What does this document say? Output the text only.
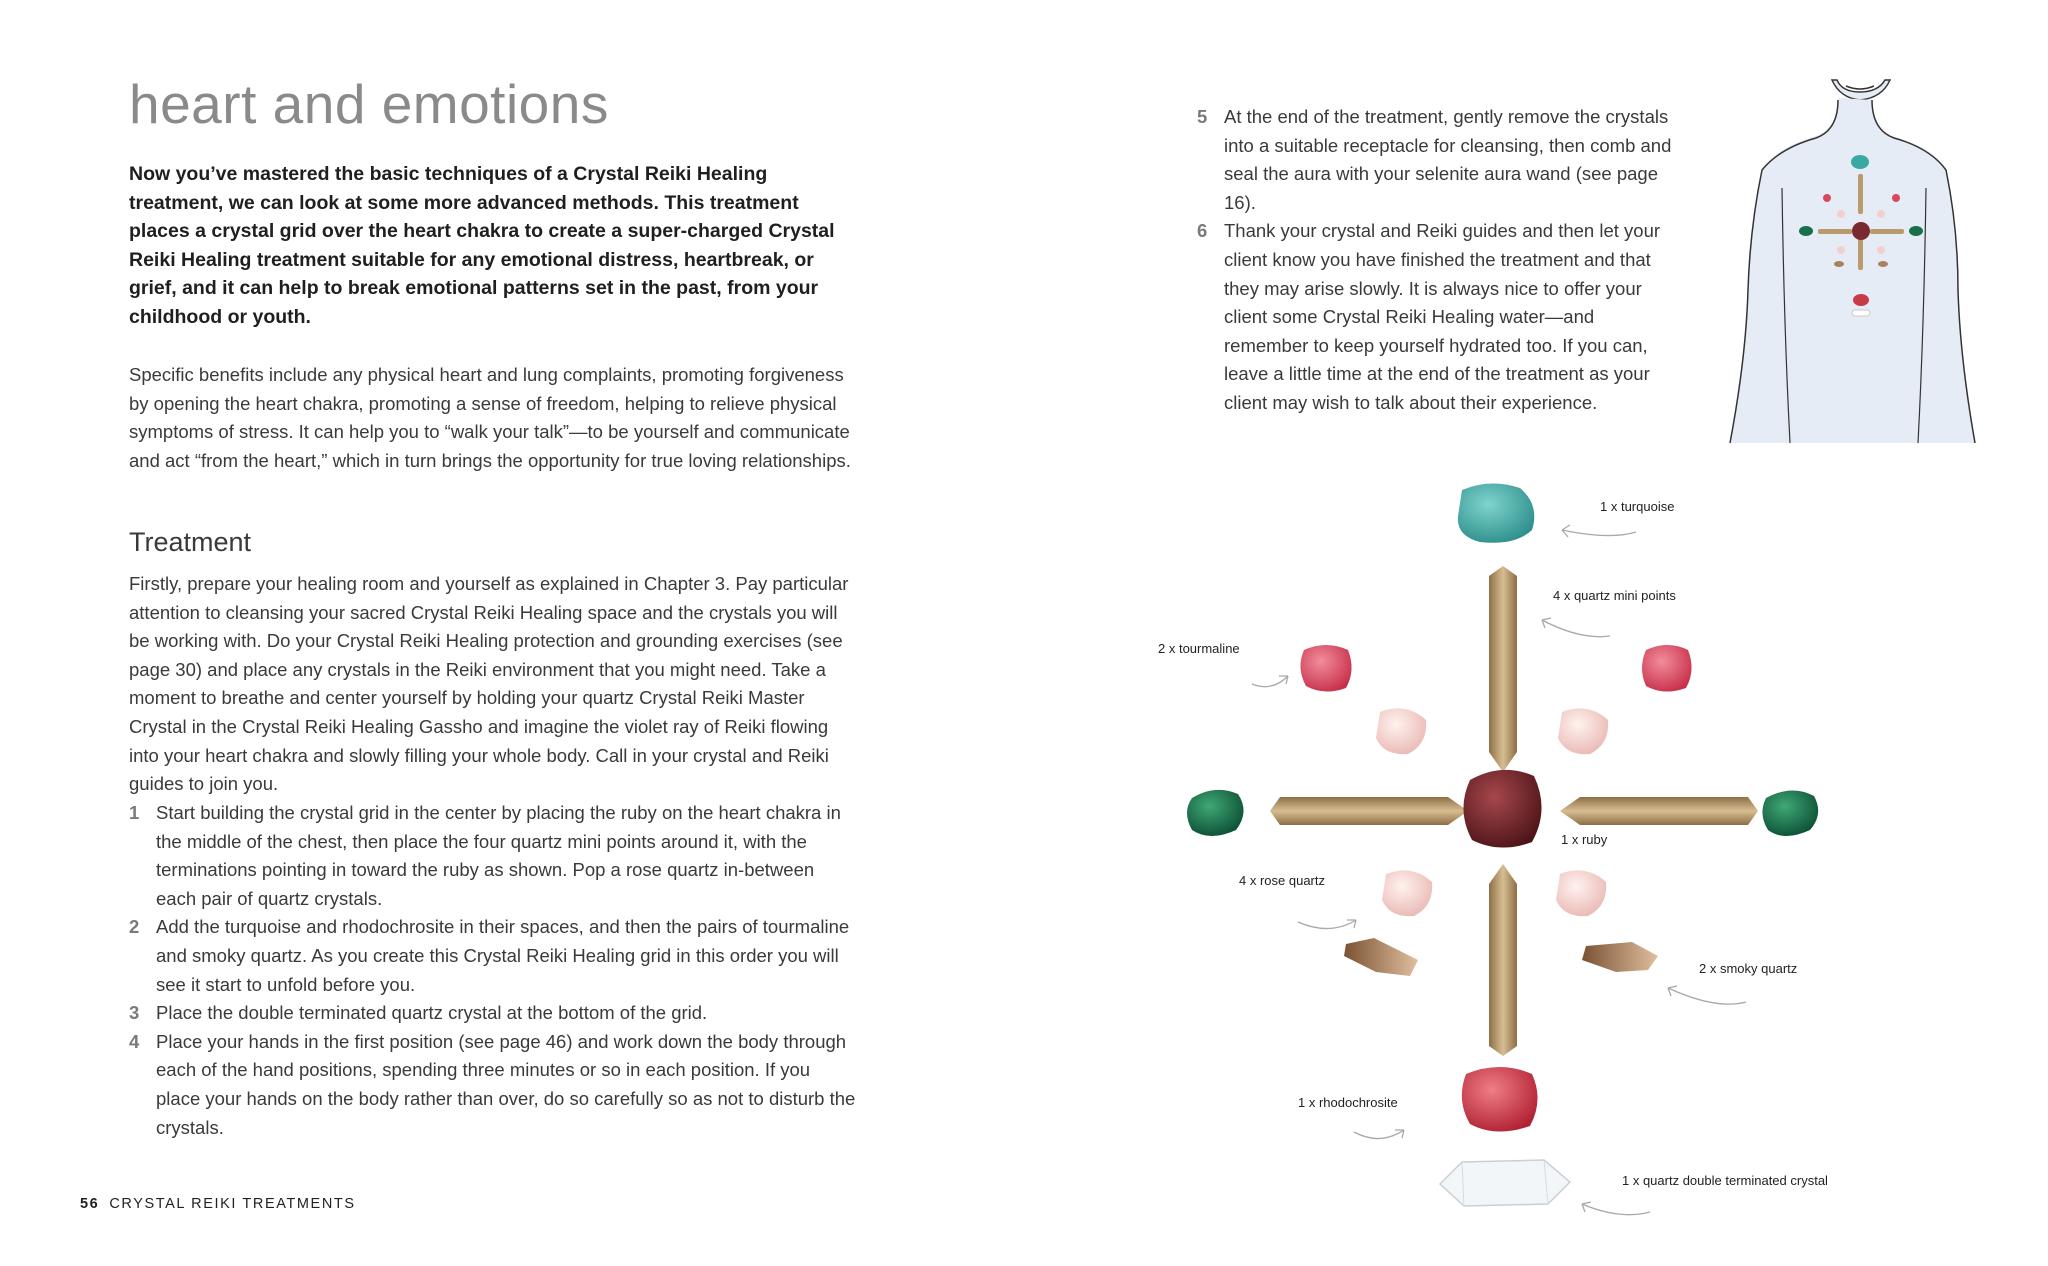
heart and emotions

Now you’ve mastered the basic techniques of a Crystal Reiki Healing treatment, we can look at some more advanced methods. This treatment places a crystal grid over the heart chakra to create a super-charged Crystal Reiki Healing treatment suitable for any emotional distress, heartbreak, or grief, and it can help to break emotional patterns set in the past, from your childhood or youth.

Specific benefits include any physical heart and lung complaints, promoting forgiveness by opening the heart chakra, promoting a sense of freedom, helping to relieve physical symptoms of stress. It can help you to “walk your talk”—to be yourself and communicate and act “from the heart,” which in turn brings the opportunity for true loving relationships.

Treatment

Firstly, prepare your healing room and yourself as explained in Chapter 3. Pay particular attention to cleansing your sacred Crystal Reiki Healing space and the crystals you will be working with. Do your Crystal Reiki Healing protection and grounding exercises (see page 30) and place any crystals in the Reiki environment that you might need. Take a moment to breathe and center yourself by holding your quartz Crystal Reiki Master Crystal in the Crystal Reiki Healing Gassho and imagine the violet ray of Reiki flowing into your heart chakra and slowly filling your whole body. Call in your crystal and Reiki guides to join you.

1 Start building the crystal grid in the center by placing the ruby on the heart chakra in the middle of the chest, then place the four quartz mini points around it, with the terminations pointing in toward the ruby as shown. Pop a rose quartz in-between each pair of quartz crystals.
2 Add the turquoise and rhodochrosite in their spaces, and then the pairs of tourmaline and smoky quartz. As you create this Crystal Reiki Healing grid in this order you will see it start to unfold before you.
3 Place the double terminated quartz crystal at the bottom of the grid.
4 Place your hands in the first position (see page 46) and work down the body through each of the hand positions, spending three minutes or so in each position. If you place your hands on the body rather than over, do so carefully so as not to disturb the crystals.
5 At the end of the treatment, gently remove the crystals into a suitable receptacle for cleansing, then comb and seal the aura with your selenite aura wand (see page 16).
6 Thank your crystal and Reiki guides and then let your client know you have finished the treatment and that they may arise slowly. It is always nice to offer your client some Crystal Reiki Healing water—and remember to keep yourself hydrated too. If you can, leave a little time at the end of the treatment as your client may wish to talk about their experience.
1 x turquoise
4 x quartz mini points
2 x tourmaline
1 x ruby
4 x rose quartz
2 x smoky quartz
1 x rhodochrosite
1 x quartz double terminated crystal
56 CRYSTAL REIKI TREATMENTS
